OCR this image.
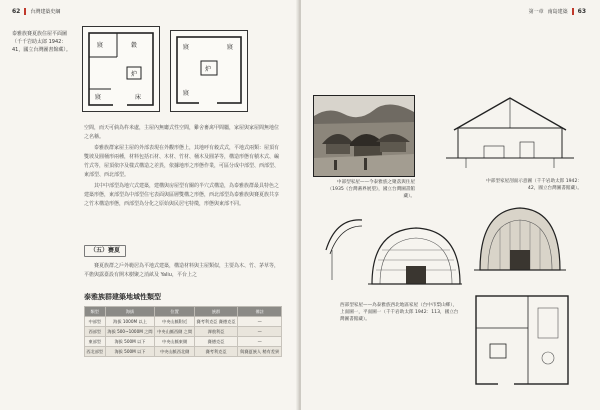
62 台灣建築史綱
泰雅族賽夏族住屋平面圖（千千岩助太郎 1942：41，國立台灣圖書館藏）。
寢	穀
炉
寢	床
寢	寢
炉
寢

空間，而天可倘為杵米處，主屋內無廳式性空間，雞舍畜禽甲間屬，家屋與家屋間無地位之名稱。

泰雅族群家屋主屋的外部表現在外觀形態上，其地呼有穀式式，平地式兩類：屋頂有雙坡及圓桶形兩種，材料包括石材、木材、竹材、桶木及圓茅等，構造形態有積木式、編竹式等，屋頂依序及樣式構造之差異，依據地形之形態作業，可區分成中部型、西部型、東部型、西北部型。

其中中部型為地穴式建築，建構與房屋型有關的半穴式構造，為泰雅族群最具特色之建築形態，東部型為中部型住宅表面與區層雙構之形態，西北部型為泰雅族與賽夏族共享之竹木構造形態，西部型為分化之原始與民居宅特徵，形態與東部不同。

（五）賽夏

賽夏族群之戶外範居為平地式建築，構造材料與主屋類似，主要為木、竹、茅草等，平檐與露臺設有開木樹聚之消畝及 Yaliu，平台上之

泰雅族群建築地域性類型
類型	海拔	位置	族群	備註
中部型	海拔 1000M 以上	中央山脈附近	賽考利克亞 賽德克亞	—
西部型	海拔 500~1000M 之間	中央山脈西側 之間	澤敖利亞	—
東部型	海拔 500M 以下	中央山脈東側	賽德克亞	—
西北部型	海拔 500M 以下	中央山脈西北側	賽考利克亞	與賽夏族人 稍有差異
第一章 南島建築 63
中部型家屋——今泰雅族之聚落與住屋（1935《台灣蕃界展望》，國立台灣圖書館藏）。
中部型家屋剖面示意圖（千千岩助太郎 1942：42，國立台灣圖書館藏）。
西部型家屋——為泰雅族西北地區家屋（台中市梨山鄉），上面圖一，平面圖一（千千岩助太郎 1942：113，國立台灣圖書館藏）。
